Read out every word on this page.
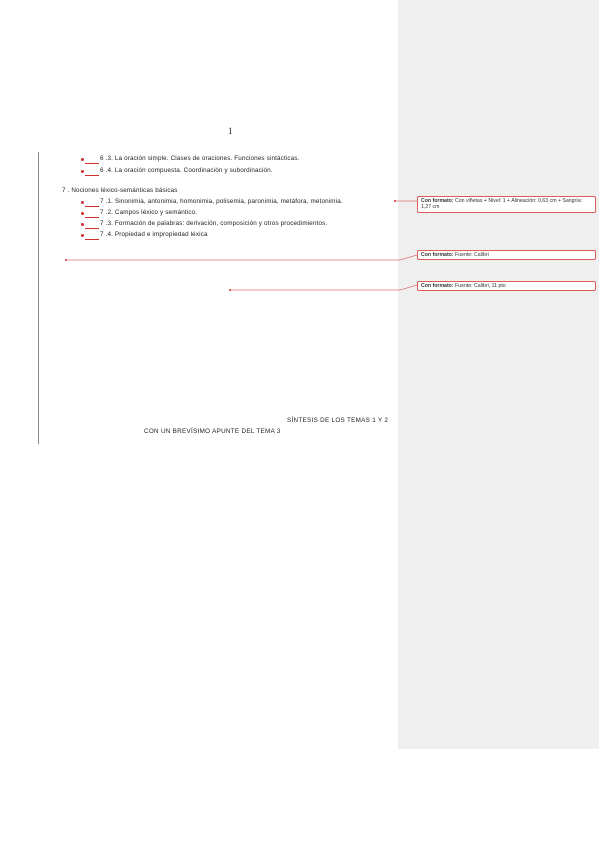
1
6 .3. La oración simple. Clases de oraciones. Funciones sintácticas.
6 .4. La oración compuesta. Coordinación y subordinación.
7 . Nociones léxico-semánticas básicas
7 .1. Sinonimia, antonimia, homonimia, polisemia, paronimia, metáfora, metonimia.
7 .2. Campos léxico y semántico.
7 .3. Formación de palabras: derivación, composición y otros procedimientos.
7 .4. Propiedad e impropiedad léxica
Con formato: Con viñetas + Nivel: 1 + Alineación: 0,63 cm + Sangría: 1,27 cm
Con formato: Fuente: Calibri
Con formato: Fuente: Calibri, 11 pto
SÍNTESIS DE LOS TEMAS 1 Y 2
CON UN BREVÍSIMO APUNTE DEL TEMA 3
